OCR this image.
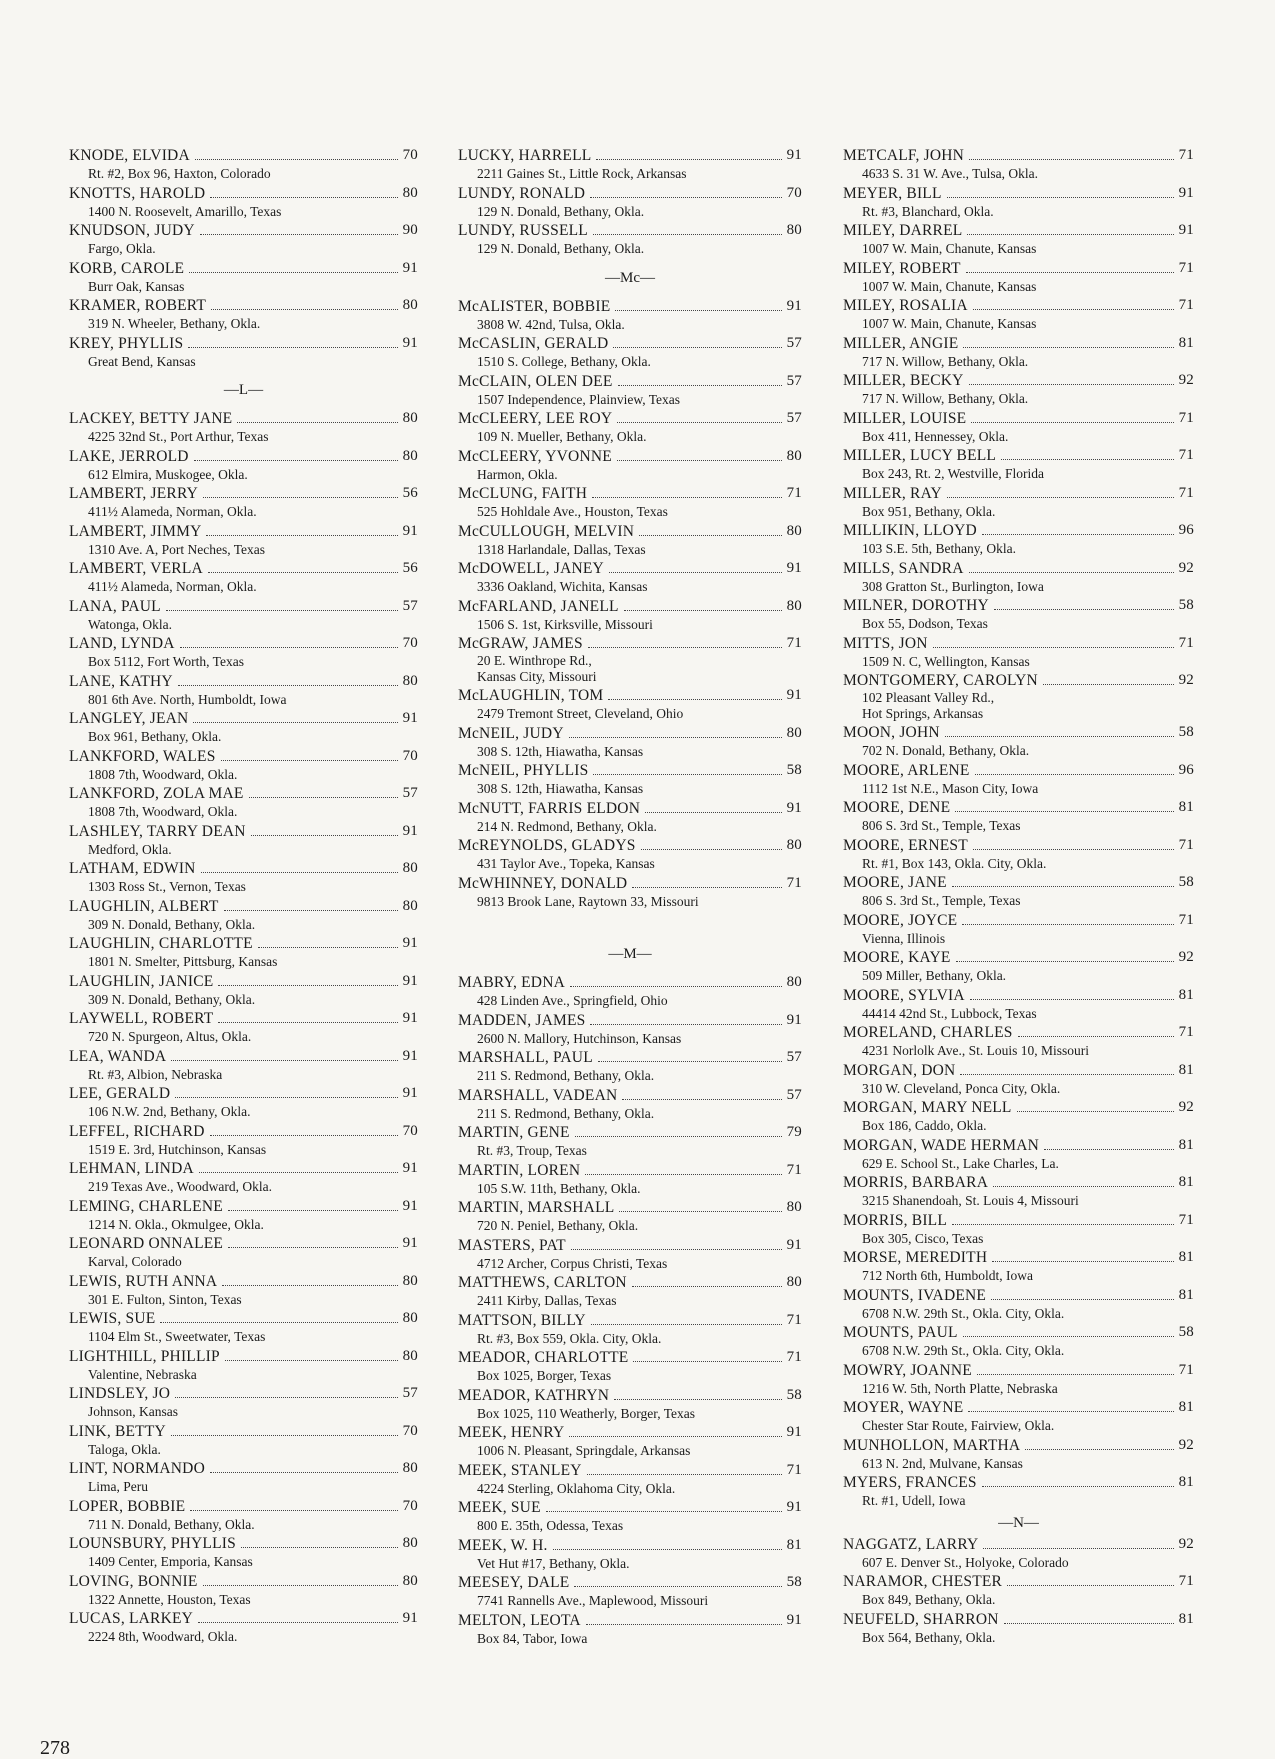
KNODE, ELVIDA	70
Rt. #2, Box 96, Haxton, Colorado
KNOTTS, HAROLD	80
1400 N. Roosevelt, Amarillo, Texas
KNUDSON, JUDY	90
Fargo, Okla.
KORB, CAROLE	91
Burr Oak, Kansas
KRAMER, ROBERT	80
319 N. Wheeler, Bethany, Okla.
KREY, PHYLLIS	91
Great Bend, Kansas
—L—
LACKEY, BETTY JANE	80
4225 32nd St., Port Arthur, Texas
LAKE, JERROLD	80
612 Elmira, Muskogee, Okla.
LAMBERT, JERRY	56
411½ Alameda, Norman, Okla.
LAMBERT, JIMMY	91
1310 Ave. A, Port Neches, Texas
LAMBERT, VERLA	56
411½ Alameda, Norman, Okla.
LANA, PAUL	57
Watonga, Okla.
LAND, LYNDA	70
Box 5112, Fort Worth, Texas
LANE, KATHY	80
801 6th Ave. North, Humboldt, Iowa
LANGLEY, JEAN	91
Box 961, Bethany, Okla.
LANKFORD, WALES	70
1808 7th, Woodward, Okla.
LANKFORD, ZOLA MAE	57
1808 7th, Woodward, Okla.
LASHLEY, TARRY DEAN	91
Medford, Okla.
LATHAM, EDWIN	80
1303 Ross St., Vernon, Texas
LAUGHLIN, ALBERT	80
309 N. Donald, Bethany, Okla.
LAUGHLIN, CHARLOTTE	91
1801 N. Smelter, Pittsburg, Kansas
LAUGHLIN, JANICE	91
309 N. Donald, Bethany, Okla.
LAYWELL, ROBERT	91
720 N. Spurgeon, Altus, Okla.
LEA, WANDA	91
Rt. #3, Albion, Nebraska
LEE, GERALD	91
106 N.W. 2nd, Bethany, Okla.
LEFFEL, RICHARD	70
1519 E. 3rd, Hutchinson, Kansas
LEHMAN, LINDA	91
219 Texas Ave., Woodward, Okla.
LEMING, CHARLENE	91
1214 N. Okla., Okmulgee, Okla.
LEONARD ONNALEE	91
Karval, Colorado
LEWIS, RUTH ANNA	80
301 E. Fulton, Sinton, Texas
LEWIS, SUE	80
1104 Elm St., Sweetwater, Texas
LIGHTHILL, PHILLIP	80
Valentine, Nebraska
LINDSLEY, JO	57
Johnson, Kansas
LINK, BETTY	70
Taloga, Okla.
LINT, NORMANDO	80
Lima, Peru
LOPER, BOBBIE	70
711 N. Donald, Bethany, Okla.
LOUNSBURY, PHYLLIS	80
1409 Center, Emporia, Kansas
LOVING, BONNIE	80
1322 Annette, Houston, Texas
LUCAS, LARKEY	91
2224 8th, Woodward, Okla.
LUCKY, HARRELL	91
2211 Gaines St., Little Rock, Arkansas
LUNDY, RONALD	70
129 N. Donald, Bethany, Okla.
LUNDY, RUSSELL	80
129 N. Donald, Bethany, Okla.
—Mc—
McALISTER, BOBBIE	91
3808 W. 42nd, Tulsa, Okla.
McCASLIN, GERALD	57
1510 S. College, Bethany, Okla.
McCLAIN, OLEN DEE	57
1507 Independence, Plainview, Texas
McCLEERY, LEE ROY	57
109 N. Mueller, Bethany, Okla.
McCLEERY, YVONNE	80
Harmon, Okla.
McCLUNG, FAITH	71
525 Hohldale Ave., Houston, Texas
McCULLOUGH, MELVIN	80
1318 Harlandale, Dallas, Texas
McDOWELL, JANEY	91
3336 Oakland, Wichita, Kansas
McFARLAND, JANELL	80
1506 S. 1st, Kirksville, Missouri
McGRAW, JAMES	71
20 E. Winthrope Rd.,
Kansas City, Missouri
McLAUGHLIN, TOM	91
2479 Tremont Street, Cleveland, Ohio
McNEIL, JUDY	80
308 S. 12th, Hiawatha, Kansas
McNEIL, PHYLLIS	58
308 S. 12th, Hiawatha, Kansas
McNUTT, FARRIS ELDON	91
214 N. Redmond, Bethany, Okla.
McREYNOLDS, GLADYS	80
431 Taylor Ave., Topeka, Kansas
McWHINNEY, DONALD	71
9813 Brook Lane, Raytown 33, Missouri
—M—
MABRY, EDNA	80
428 Linden Ave., Springfield, Ohio
MADDEN, JAMES	91
2600 N. Mallory, Hutchinson, Kansas
MARSHALL, PAUL	57
211 S. Redmond, Bethany, Okla.
MARSHALL, VADEAN	57
211 S. Redmond, Bethany, Okla.
MARTIN, GENE	79
Rt. #3, Troup, Texas
MARTIN, LOREN	71
105 S.W. 11th, Bethany, Okla.
MARTIN, MARSHALL	80
720 N. Peniel, Bethany, Okla.
MASTERS, PAT	91
4712 Archer, Corpus Christi, Texas
MATTHEWS, CARLTON	80
2411 Kirby, Dallas, Texas
MATTSON, BILLY	71
Rt. #3, Box 559, Okla. City, Okla.
MEADOR, CHARLOTTE	71
Box 1025, Borger, Texas
MEADOR, KATHRYN	58
Box 1025, 110 Weatherly, Borger, Texas
MEEK, HENRY	91
1006 N. Pleasant, Springdale, Arkansas
MEEK, STANLEY	71
4224 Sterling, Oklahoma City, Okla.
MEEK, SUE	91
800 E. 35th, Odessa, Texas
MEEK, W. H.	81
Vet Hut #17, Bethany, Okla.
MEESEY, DALE	58
7741 Rannells Ave., Maplewood, Missouri
MELTON, LEOTA	91
Box 84, Tabor, Iowa
METCALF, JOHN	71
4633 S. 31 W. Ave., Tulsa, Okla.
MEYER, BILL	91
Rt. #3, Blanchard, Okla.
MILEY, DARREL	91
1007 W. Main, Chanute, Kansas
MILEY, ROBERT	71
1007 W. Main, Chanute, Kansas
MILEY, ROSALIA	71
1007 W. Main, Chanute, Kansas
MILLER, ANGIE	81
717 N. Willow, Bethany, Okla.
MILLER, BECKY	92
717 N. Willow, Bethany, Okla.
MILLER, LOUISE	71
Box 411, Hennessey, Okla.
MILLER, LUCY BELL	71
Box 243, Rt. 2, Westville, Florida
MILLER, RAY	71
Box 951, Bethany, Okla.
MILLIKIN, LLOYD	96
103 S.E. 5th, Bethany, Okla.
MILLS, SANDRA	92
308 Gratton St., Burlington, Iowa
MILNER, DOROTHY	58
Box 55, Dodson, Texas
MITTS, JON	71
1509 N. C, Wellington, Kansas
MONTGOMERY, CAROLYN	92
102 Pleasant Valley Rd.,
Hot Springs, Arkansas
MOON, JOHN	58
702 N. Donald, Bethany, Okla.
MOORE, ARLENE	96
1112 1st N.E., Mason City, Iowa
MOORE, DENE	81
806 S. 3rd St., Temple, Texas
MOORE, ERNEST	71
Rt. #1, Box 143, Okla. City, Okla.
MOORE, JANE	58
806 S. 3rd St., Temple, Texas
MOORE, JOYCE	71
Vienna, Illinois
MOORE, KAYE	92
509 Miller, Bethany, Okla.
MOORE, SYLVIA	81
44414 42nd St., Lubbock, Texas
MORELAND, CHARLES	71
4231 Norlolk Ave., St. Louis 10, Missouri
MORGAN, DON	81
310 W. Cleveland, Ponca City, Okla.
MORGAN, MARY NELL	92
Box 186, Caddo, Okla.
MORGAN, WADE HERMAN	81
629 E. School St., Lake Charles, La.
MORRIS, BARBARA	81
3215 Shanendoah, St. Louis 4, Missouri
MORRIS, BILL	71
Box 305, Cisco, Texas
MORSE, MEREDITH	81
712 North 6th, Humboldt, Iowa
MOUNTS, IVADENE	81
6708 N.W. 29th St., Okla. City, Okla.
MOUNTS, PAUL	58
6708 N.W. 29th St., Okla. City, Okla.
MOWRY, JOANNE	71
1216 W. 5th, North Platte, Nebraska
MOYER, WAYNE	81
Chester Star Route, Fairview, Okla.
MUNHOLLON, MARTHA	92
613 N. 2nd, Mulvane, Kansas
MYERS, FRANCES	81
Rt. #1, Udell, Iowa
—N—
NAGGATZ, LARRY	92
607 E. Denver St., Holyoke, Colorado
NARAMOR, CHESTER	71
Box 849, Bethany, Okla.
NEUFELD, SHARRON	81
Box 564, Bethany, Okla.
278
